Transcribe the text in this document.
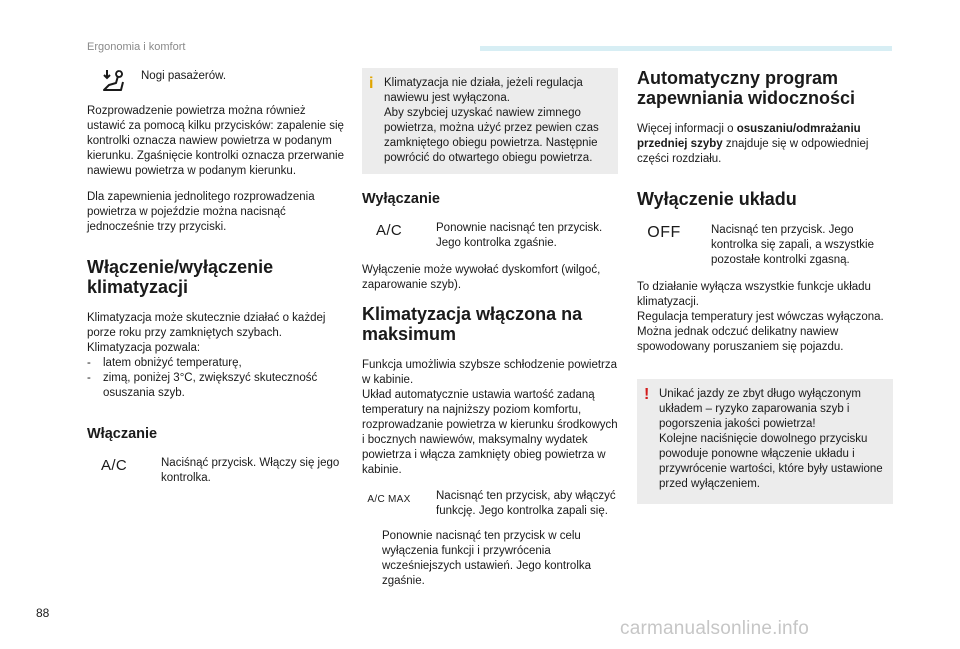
Ergonomia i komfort
Nogi pasażerów.

Rozprowadzenie powietrza można również ustawić za pomocą kilku przycisków: zapalenie się kontrolki oznacza nawiew powietrza w podanym kierunku. Zgaśnięcie kontrolki oznacza przerwanie nawiewu powietrza w podanym kierunku.

Dla zapewnienia jednolitego rozprowadzenia powietrza w pojeździe można nacisnąć jednocześnie trzy przyciski.

Włączenie/wyłączenie klimatyzacji
Klimatyzacja może skutecznie działać o każdej porze roku przy zamkniętych szybach.
Klimatyzacja pozwala:
-	latem obniżyć temperaturę,
-	zimą, poniżej 3°C, zwiększyć skuteczność osuszania szyb.
Włączanie
A/C	Naciśnąć przycisk. Włączy się jego kontrolka.
i Klimatyzacja nie działa, jeżeli regulacja nawiewu jest wyłączona.
Aby szybciej uzyskać nawiew zimnego powietrza, można użyć przez pewien czas zamkniętego obiegu powietrza. Następnie powrócić do otwartego obiegu powietrza.
Wyłączanie
A/C	Ponownie nacisnąć ten przycisk. Jego kontrolka zgaśnie.

Wyłączenie może wywołać dyskomfort (wilgoć, zaparowanie szyb).

Klimatyzacja włączona na maksimum

Funkcja umożliwia szybsze schłodzenie powietrza w kabinie.
Układ automatycznie ustawia wartość zadaną temperatury na najniższy poziom komfortu, rozprowadzanie powietrza w kierunku środkowych i bocznych nawiewów, maksymalny wydatek powietrza i włącza zamknięty obieg powietrza w kabinie.

A/C MAX Nacisnąć ten przycisk, aby włączyć funkcję. Jego kontrolka zapali się.
Ponownie nacisnąć ten przycisk w celu wyłączenia funkcji i przywrócenia wcześniejszych ustawień. Jego kontrolka zgaśnie.
Automatyczny program zapewniania widoczności

Więcej informacji o osuszaniu/odmrażaniu przedniej szyby znajduje się w odpowiedniej części rozdziału.

Wyłączenie układu
OFF	Nacisnąć ten przycisk. Jego kontrolka się zapali, a wszystkie pozostałe kontrolki zgasną.

To działanie wyłącza wszystkie funkcje układu klimatyzacji.
Regulacja temperatury jest wówczas wyłączona. Można jednak odczuć delikatny nawiew spowodowany poruszaniem się pojazdu.

! Unikać jazdy ze zbyt długo wyłączonym układem – ryzyko zaparowania szyb i pogorszenia jakości powietrza!
Kolejne naciśnięcie dowolnego przycisku powoduje ponowne włączenie układu i przywrócenie wartości, które były ustawione przed wyłączeniem.
88
carmanualsonline.info
